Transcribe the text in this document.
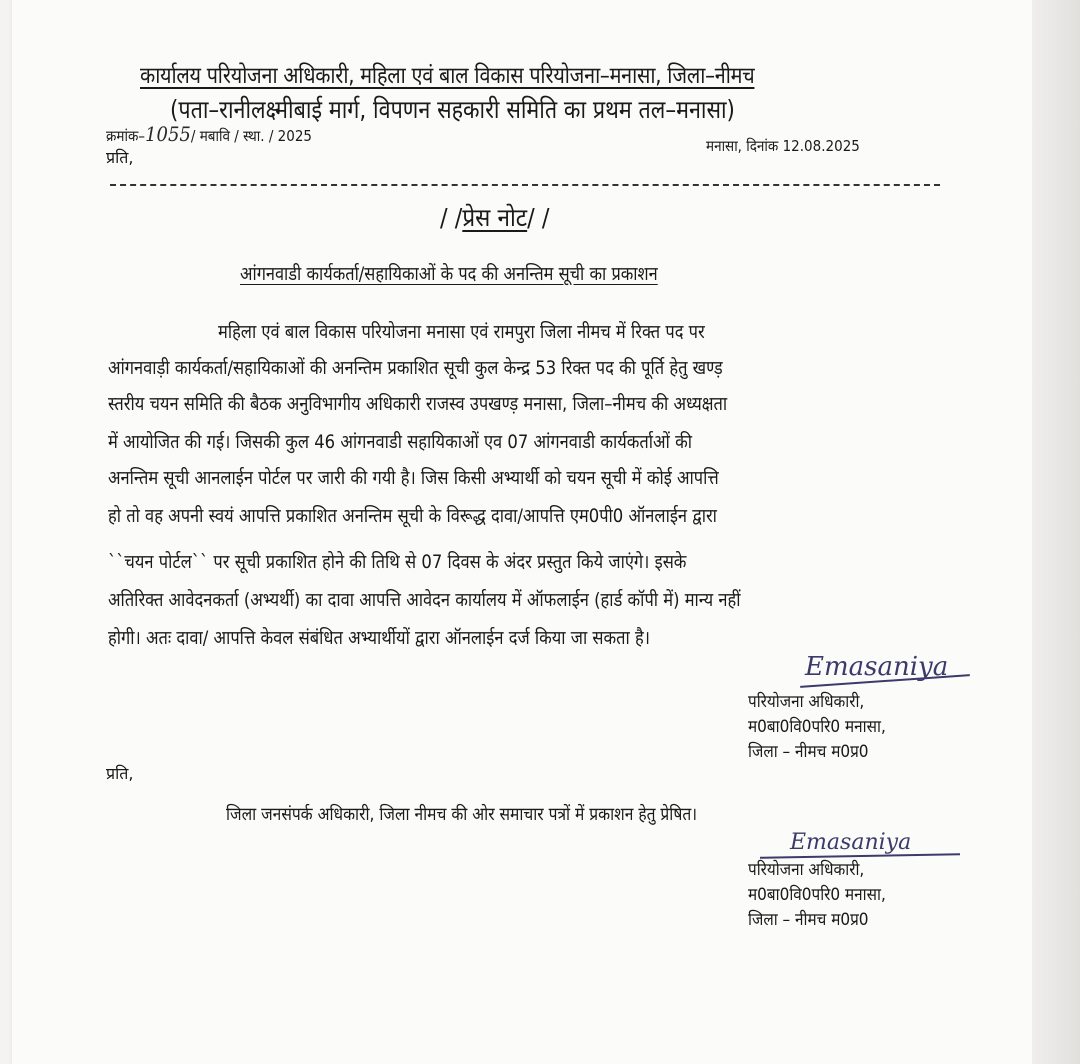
कार्यालय परियोजना अधिकारी, महिला एवं बाल विकास परियोजना–मनासा, जिला–नीमच
(पता–रानीलक्ष्मीबाई मार्ग, विपणन सहकारी समिति का प्रथम तल–मनासा)
क्रमांक–1055/ मबावि / स्था. / 2025
मनासा, दिनांक 12.08.2025
प्रति,
/ /प्रेस नोट/ /
आंगनवाडी कार्यकर्ता/सहायिकाओं के पद की अनन्तिम सूची का प्रकाशन
महिला एवं बाल विकास परियोजना मनासा एवं रामपुरा जिला नीमच में रिक्त पद पर
आंगनवाड़ी कार्यकर्ता/सहायिकाओं की अनन्तिम प्रकाशित सूची कुल केन्द्र 53 रिक्त पद की पूर्ति हेतु खण्ड़
स्तरीय चयन समिति की बैठक अनुविभागीय अधिकारी राजस्व उपखण्ड़ मनासा, जिला–नीमच की अध्यक्षता
में आयोजित की गई। जिसकी कुल 46 आंगनवाडी सहायिकाओं एव 07 आंगनवाडी कार्यकर्ताओं की
अनन्तिम सूची आनलाईन पोर्टल पर जारी की गयी है। जिस किसी अभ्यार्थी को चयन सूची में कोई आपत्ति
हो तो वह अपनी स्वयं आपत्ति प्रकाशित अनन्तिम सूची के विरूद्ध दावा/आपत्ति एम0पी0 ऑनलाईन द्वारा
``चयन पोर्टल`` पर सूची प्रकाशित होने की तिथि से 07 दिवस के अंदर प्रस्तुत किये जाएंगे। इसके
अतिरिक्त आवेदनकर्ता (अभ्यर्थी) का दावा आपत्ति आवेदन कार्यालय में ऑफलाईन (हार्ड कॉपी में) मान्य नहीं
होगी। अतः दावा/ आपत्ति केवल संबंधित अभ्यार्थीयों द्वारा ऑनलाईन दर्ज किया जा सकता है।
Emasaniya
परियोजना अधिकारी,
म0बा0वि0परि0 मनासा,
जिला – नीमच म0प्र0
प्रति,
जिला जनसंपर्क अधिकारी, जिला नीमच की ओर समाचार पत्रों में प्रकाशन हेतु प्रेषित।
Emasaniya
परियोजना अधिकारी,
म0बा0वि0परि0 मनासा,
जिला – नीमच म0प्र0
